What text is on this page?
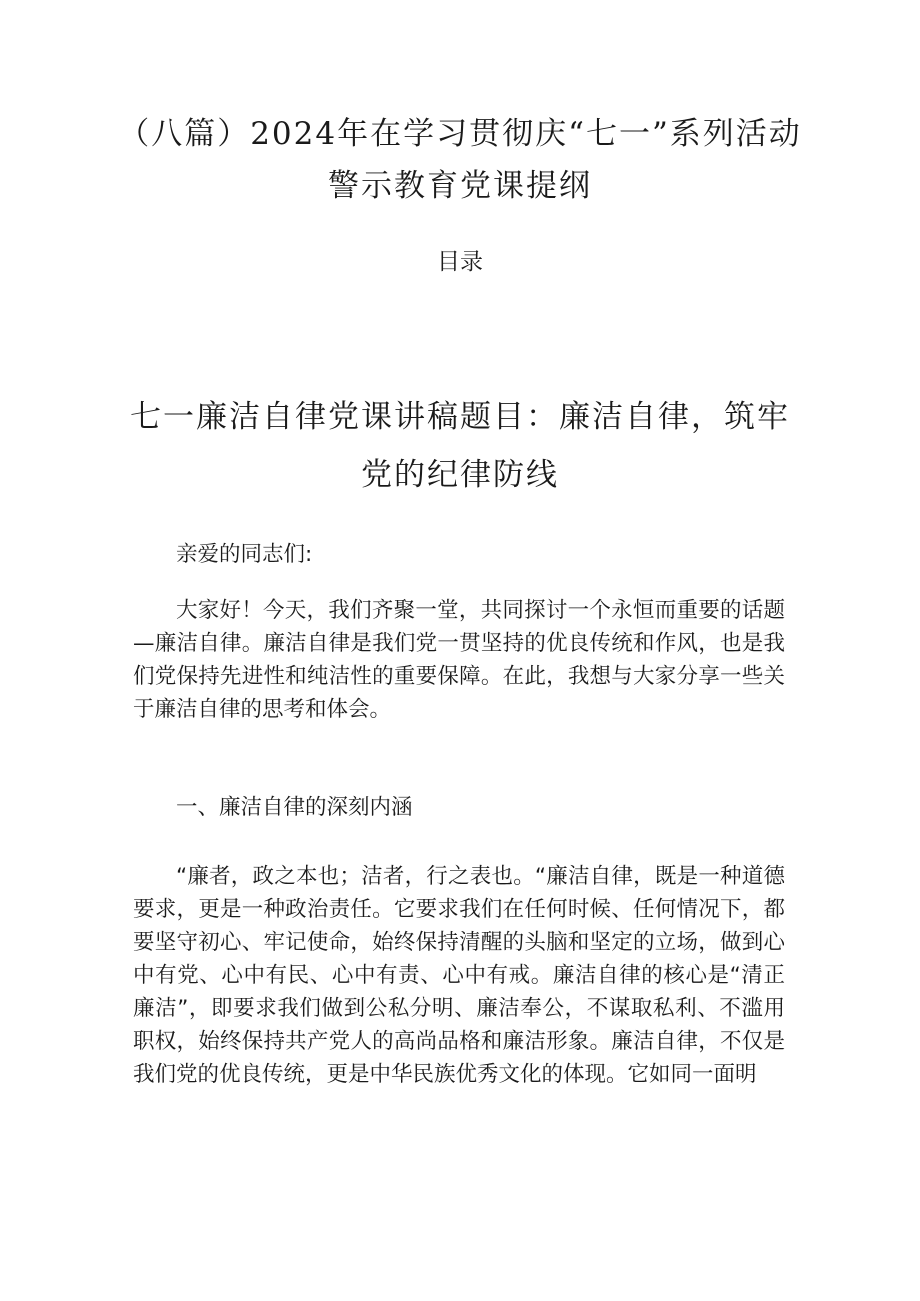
（八篇）2024年在学习贯彻庆“七一”系列活动警示教育党课提纲
目录
七一廉洁自律党课讲稿题目：廉洁自律，筑牢党的纪律防线

亲爱的同志们:

大家好！今天，我们齐聚一堂，共同探讨一个永恒而重要的话题—廉洁自律。廉洁自律是我们党一贯坚持的优良传统和作风，也是我们党保持先进性和纯洁性的重要保障。在此，我想与大家分享一些关于廉洁自律的思考和体会。

一、廉洁自律的深刻内涵

“廉者，政之本也；洁者，行之表也。“廉洁自律，既是一种道德要求，更是一种政治责任。它要求我们在任何时候、任何情况下，都要坚守初心、牢记使命，始终保持清醒的头脑和坚定的立场，做到心中有党、心中有民、心中有责、心中有戒。廉洁自律的核心是“清正廉洁”，即要求我们做到公私分明、廉洁奉公，不谋取私利、不滥用职权，始终保持共产党人的高尚品格和廉洁形象。廉洁自律，不仅是我们党的优良传统，更是中华民族优秀文化的体现。它如同一面明
